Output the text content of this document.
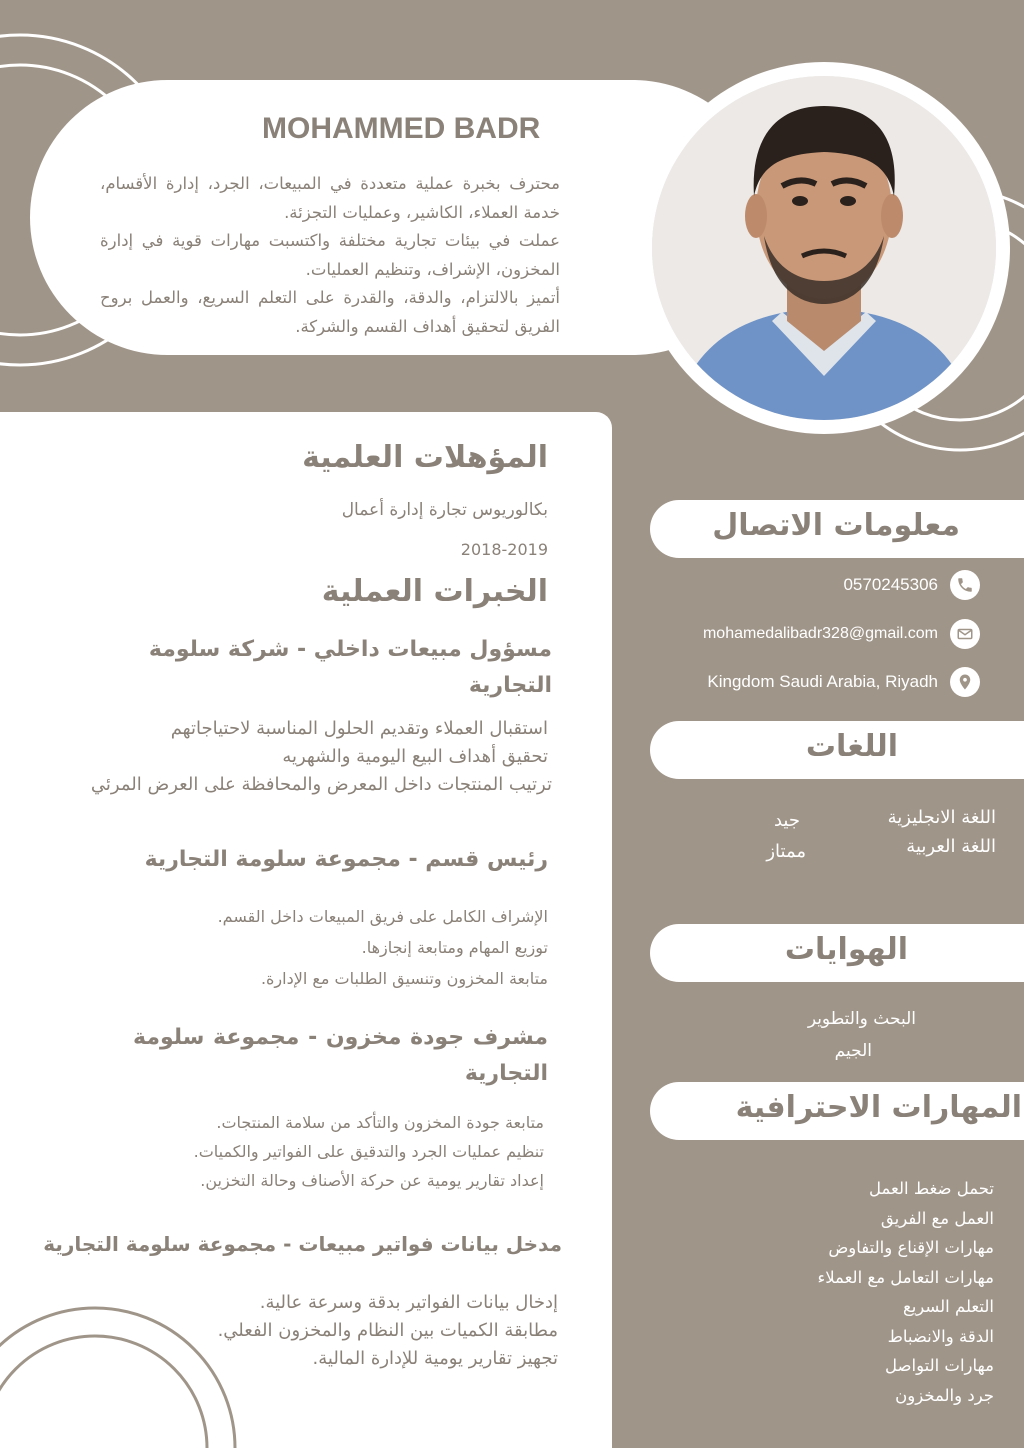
MOHAMMED BADR

محترف بخبرة عملية متعددة في المبيعات، الجرد، إدارة الأقسام، خدمة العملاء، الكاشير، وعمليات التجزئة.

عملت في بيئات تجارية مختلفة واكتسبت مهارات قوية في إدارة المخزون، الإشراف، وتنظيم العمليات.

أتميز بالالتزام، والدقة، والقدرة على التعلم السريع، والعمل بروح الفريق لتحقيق أهداف القسم والشركة.

المؤهلات العلمية
بكالوريوس تجارة إدارة أعمال
2018-2019
الخبرات العملية
مسؤول مبيعات داخلي - شركة سلومة التجارية
استقبال العملاء وتقديم الحلول المناسبة لاحتياجاتهم
تحقيق أهداف البيع اليومية والشهريه
ترتيب المنتجات داخل المعرض والمحافظة على العرض المرئي
رئيس قسم - مجموعة سلومة التجارية
الإشراف الكامل على فريق المبيعات داخل القسم.
توزيع المهام ومتابعة إنجازها.
متابعة المخزون وتنسيق الطلبات مع الإدارة.
مشرف جودة مخزون - مجموعة سلومة التجارية
متابعة جودة المخزون والتأكد من سلامة المنتجات.
تنظيم عمليات الجرد والتدقيق على الفواتير والكميات.
إعداد تقارير يومية عن حركة الأصناف وحالة التخزين.
مدخل بيانات فواتير مبيعات - مجموعة سلومة التجارية
إدخال بيانات الفواتير بدقة وسرعة عالية.
مطابقة الكميات بين النظام والمخزون الفعلي.
تجهيز تقارير يومية للإدارة المالية.
معلومات الاتصال
0570245306
mohamedalibadr328@gmail.com
Kingdom Saudi Arabia, Riyadh
اللغات
اللغة الانجليزية
جيد
اللغة العربية
ممتاز
الهوايات
البحث والتطوير
الجيم
المهارات الاحترافية
تحمل ضغط العمل
العمل مع الفريق
مهارات الإقناع والتفاوض
مهارات التعامل مع العملاء
التعلم السريع
الدقة والانضباط
مهارات التواصل
جرد والمخزون
